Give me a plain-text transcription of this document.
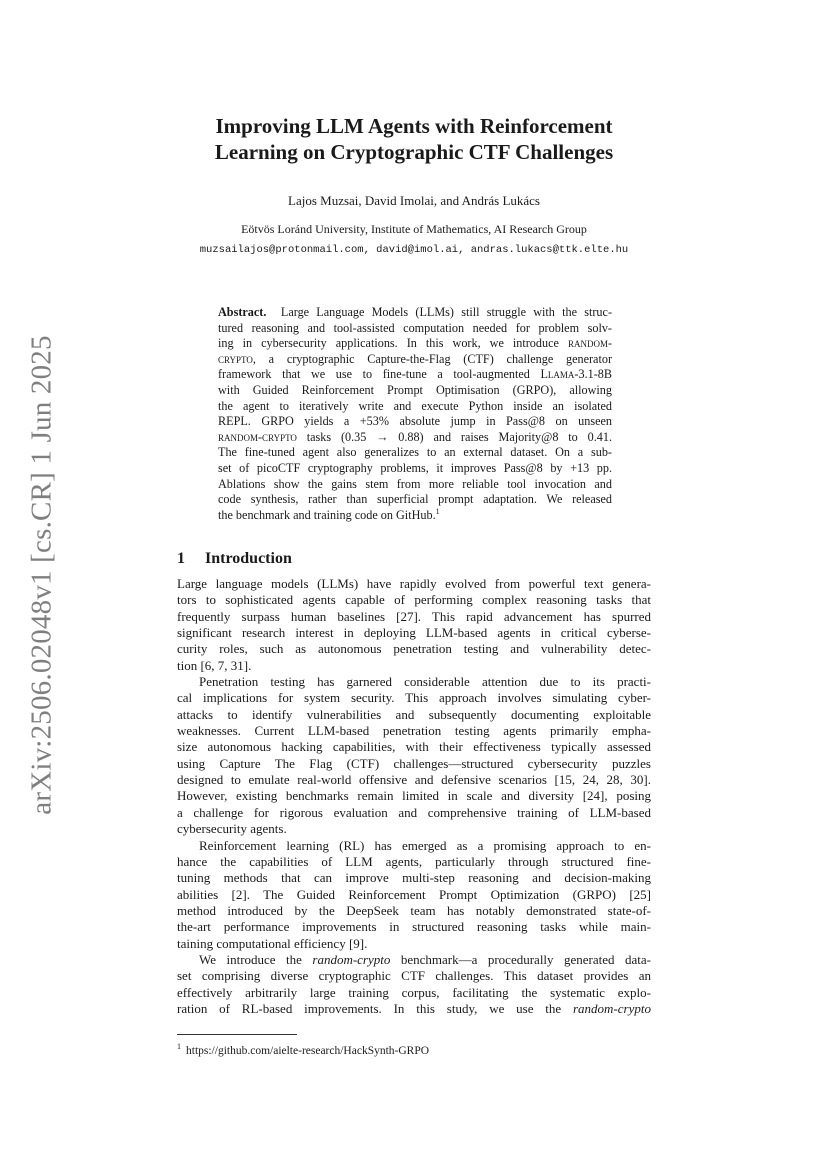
arXiv:2506.02048v1 [cs.CR] 1 Jun 2025
Improving LLM Agents with Reinforcement
Learning on Cryptographic CTF Challenges
Lajos Muzsai, David Imolai, and András Lukács
Eötvös Loránd University, Institute of Mathematics, AI Research Group
muzsailajos@protonmail.com, david@imol.ai, andras.lukacs@ttk.elte.hu
Abstract. Large Language Models (LLMs) still struggle with the struc-
tured reasoning and tool-assisted computation needed for problem solv-
ing in cybersecurity applications. In this work, we introduce random-
crypto, a cryptographic Capture-the-Flag (CTF) challenge generator
framework that we use to fine-tune a tool-augmented Llama-3.1-8B
with Guided Reinforcement Prompt Optimisation (GRPO), allowing
the agent to iteratively write and execute Python inside an isolated
REPL. GRPO yields a +53% absolute jump in Pass@8 on unseen
random-crypto tasks (0.35 → 0.88) and raises Majority@8 to 0.41.
The fine-tuned agent also generalizes to an external dataset. On a sub-
set of picoCTF cryptography problems, it improves Pass@8 by +13 pp.
Ablations show the gains stem from more reliable tool invocation and
code synthesis, rather than superficial prompt adaptation. We released
the benchmark and training code on GitHub.$^1$
1 Introduction
Large language models (LLMs) have rapidly evolved from powerful text genera-
tors to sophisticated agents capable of performing complex reasoning tasks that
frequently surpass human baselines [27]. This rapid advancement has spurred
significant research interest in deploying LLM-based agents in critical cyberse-
curity roles, such as autonomous penetration testing and vulnerability detec-
tion [6, 7, 31].
Penetration testing has garnered considerable attention due to its practi-
cal implications for system security. This approach involves simulating cyber-
attacks to identify vulnerabilities and subsequently documenting exploitable
weaknesses. Current LLM-based penetration testing agents primarily empha-
size autonomous hacking capabilities, with their effectiveness typically assessed
using Capture The Flag (CTF) challenges—structured cybersecurity puzzles
designed to emulate real-world offensive and defensive scenarios [15, 24, 28, 30].
However, existing benchmarks remain limited in scale and diversity [24], posing
a challenge for rigorous evaluation and comprehensive training of LLM-based
cybersecurity agents.
Reinforcement learning (RL) has emerged as a promising approach to en-
hance the capabilities of LLM agents, particularly through structured fine-
tuning methods that can improve multi-step reasoning and decision-making
abilities [2]. The Guided Reinforcement Prompt Optimization (GRPO) [25]
method introduced by the DeepSeek team has notably demonstrated state-of-
the-art performance improvements in structured reasoning tasks while main-
taining computational efficiency [9].
We introduce the random-crypto benchmark—a procedurally generated data-
set comprising diverse cryptographic CTF challenges. This dataset provides an
effectively arbitrarily large training corpus, facilitating the systematic explo-
ration of RL-based improvements. In this study, we use the random-crypto
$^1$ https://github.com/aielte-research/HackSynth-GRPO
